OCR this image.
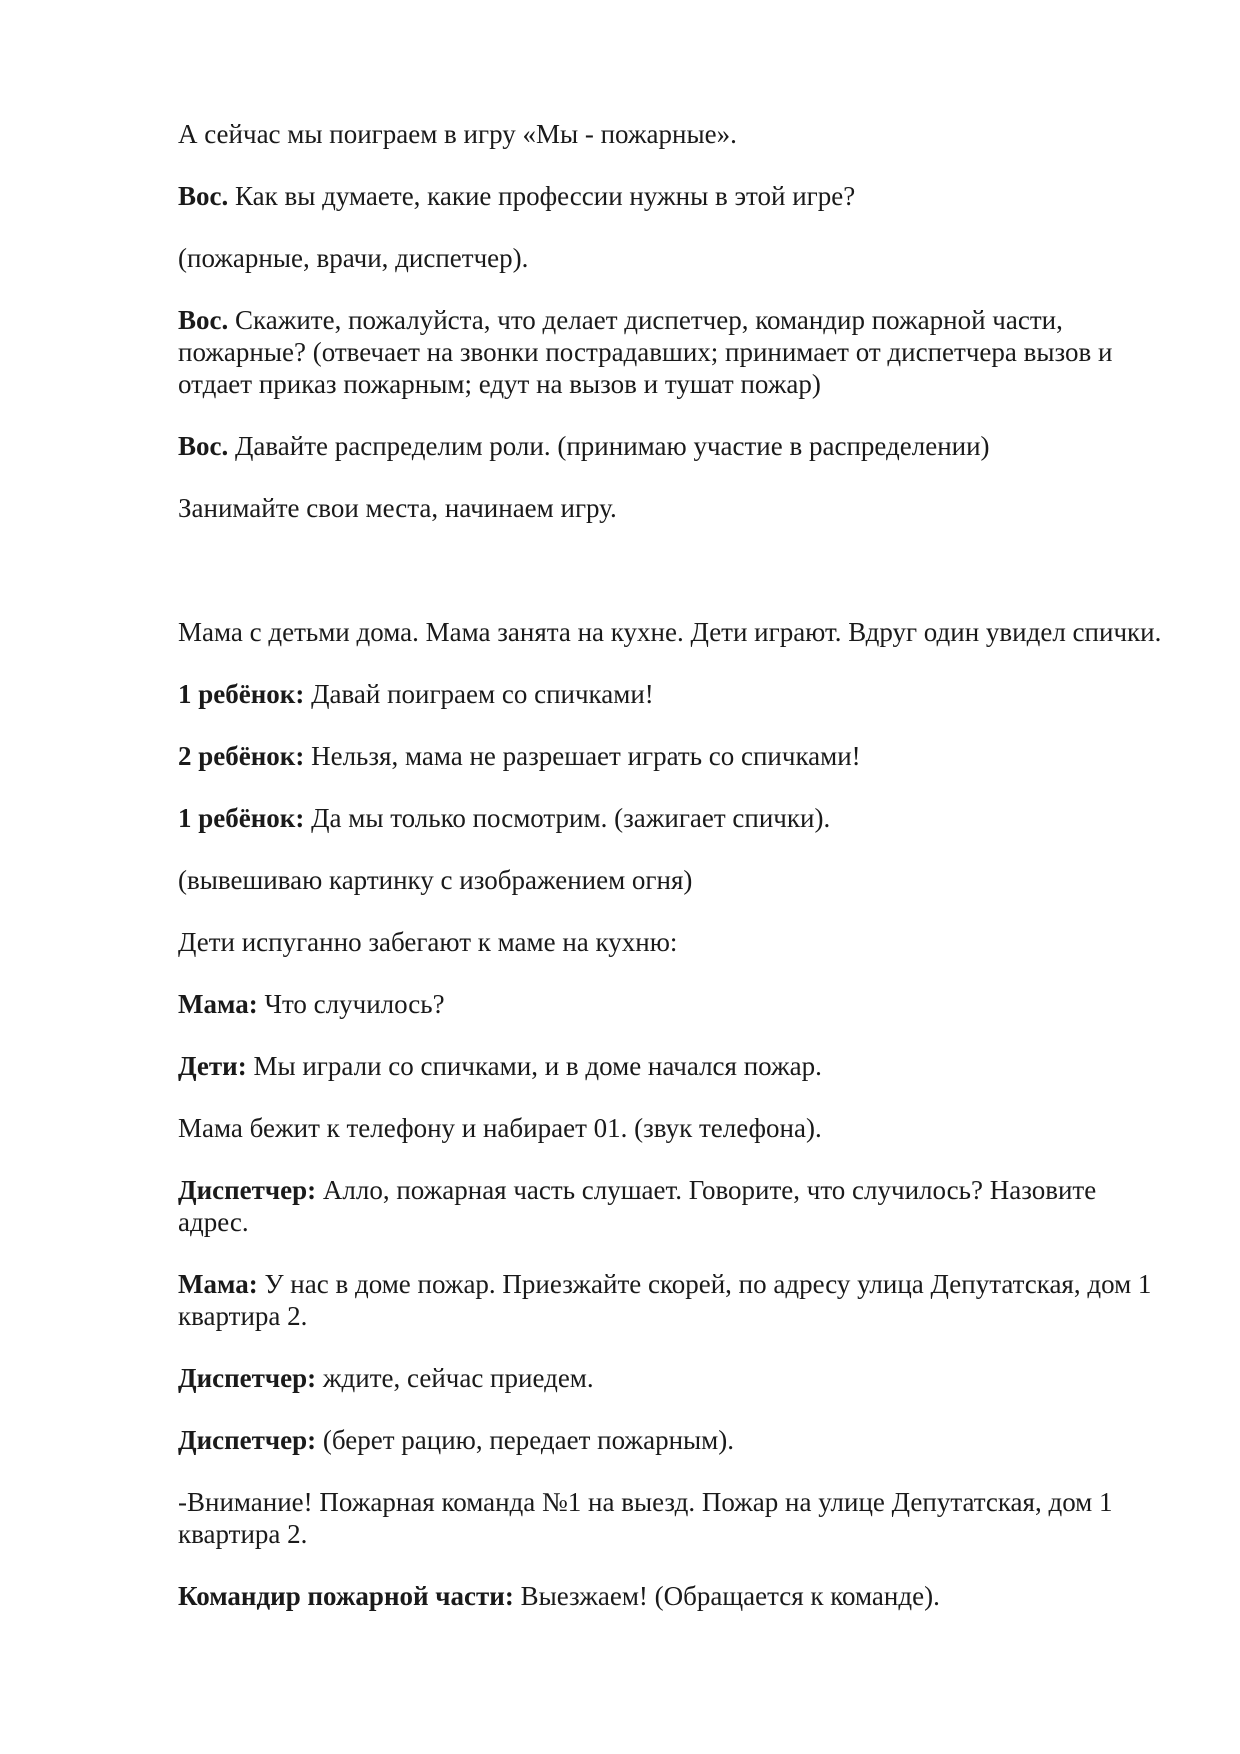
А сейчас мы поиграем в игру «Мы - пожарные».

Вос. Как вы думаете, какие профессии нужны в этой игре?

(пожарные, врачи, диспетчер).

Вос. Скажите, пожалуйста, что делает диспетчер, командир пожарной части, пожарные? (отвечает на звонки пострадавших; принимает от диспетчера вызов и отдает приказ пожарным; едут на вызов и тушат пожар)

Вос. Давайте распределим роли. (принимаю участие в распределении)

Занимайте свои места, начинаем игру.

Мама с детьми дома. Мама занята на кухне. Дети играют. Вдруг один увидел спички.

1 ребёнок: Давай поиграем со спичками!

2 ребёнок: Нельзя, мама не разрешает играть со спичками!

1 ребёнок: Да мы только посмотрим. (зажигает спички).

(вывешиваю картинку с изображением огня)

Дети испуганно забегают к маме на кухню:

Мама: Что случилось?

Дети: Мы играли со спичками, и в доме начался пожар.

Мама бежит к телефону и набирает 01. (звук телефона).

Диспетчер: Алло, пожарная часть слушает. Говорите, что случилось? Назовите адрес.

Мама: У нас в доме пожар. Приезжайте скорей, по адресу улица Депутатская, дом 1 квартира 2.

Диспетчер: ждите, сейчас приедем.

Диспетчер: (берет рацию, передает пожарным).

-Внимание! Пожарная команда №1 на выезд. Пожар на улице Депутатская, дом 1 квартира 2.

Командир пожарной части: Выезжаем! (Обращается к команде).
